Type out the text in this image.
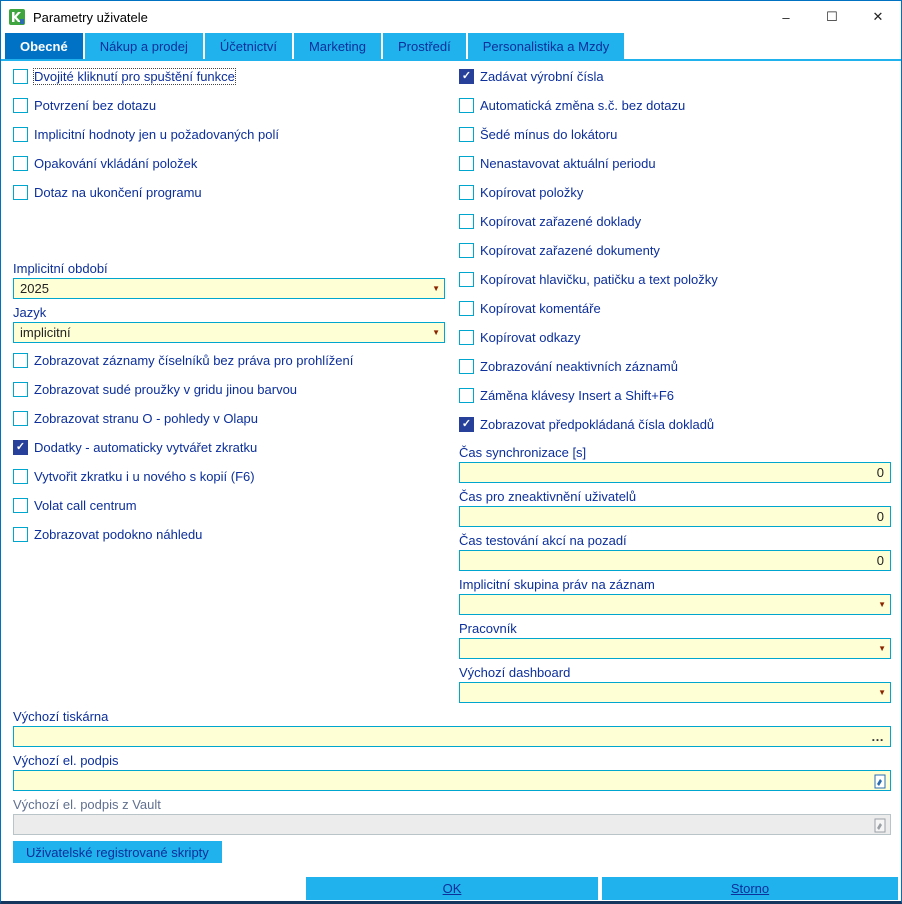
Parametry uživatele	–	☐	✕
Obecné	Nákup a prodej	Účetnictví	Marketing	Prostředí	Personalistika a Mzdy
Dvojité kliknutí pro spuštění funkce
Potvrzení bez dotazu
Implicitní hodnoty jen u požadovaných polí
Opakování vkládání položek
Dotaz na ukončení programu
Implicitní období
2025
▼
Jazyk
implicitní
▼
Zobrazovat záznamy číselníků bez práva pro prohlížení
Zobrazovat sudé proužky v gridu jinou barvou
Zobrazovat stranu O - pohledy v Olapu
✓
Dodatky - automaticky vytvářet zkratku
Vytvořit zkratku i u nového s kopií (F6)
Volat call centrum
Zobrazovat podokno náhledu
✓
Zadávat výrobní čísla
Automatická změna s.č. bez dotazu
Šedé mínus do lokátoru
Nenastavovat aktuální periodu
Kopírovat položky
Kopírovat zařazené doklady
Kopírovat zařazené dokumenty
Kopírovat hlavičku, patičku a text položky
Kopírovat komentáře
Kopírovat odkazy
Zobrazování neaktivních záznamů
Záměna klávesy Insert a Shift+F6
✓
Zobrazovat předpokládaná čísla dokladů
Čas synchronizace [s]
0
Čas pro zneaktivnění uživatelů
0
Čas testování akcí na pozadí
0
Implicitní skupina práv na záznam
▼
Pracovník
▼
Výchozí dashboard
▼
Výchozí tiskárna
…
Výchozí el. podpis
Výchozí el. podpis z Vault
Uživatelské registrované skripty
OK	Storno
